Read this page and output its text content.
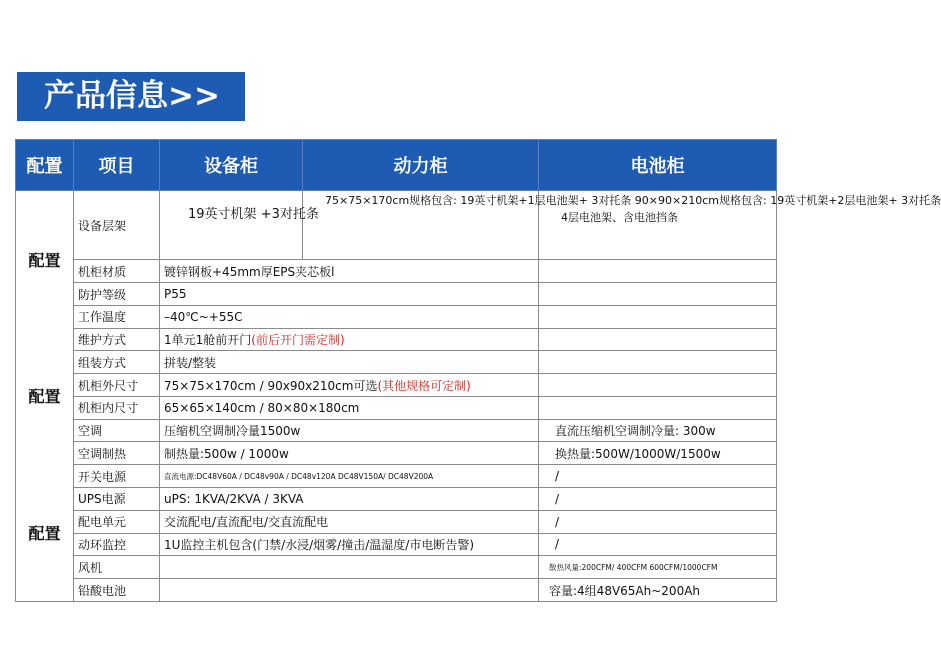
产品信息>>
配置	项目	设备柜	动力柜	电池柜

配置
配置
配置	设备层架	19英寸机架 +3对托条	75×75×170cm规格包含: 19英寸机架+1层电池架+ 3对托条 90×90×210cm规格包含: 19英寸机架+2层电池架+ 3对托条	4层电池架、含电池挡条
	机柜材质	镀锌钢板+45mm厚EPS夹芯板l		
	防护等级	P55		
	工作温度	–40℃~+55C		
	维护方式	1单元1舱前开门(前后开门需定制)		
	组装方式	拼装/整装		
	机柜外尺寸	75×75×170cm / 90x90x210cm可选(其他规格可定制)		
	机柜内尺寸	65×65×140cm / 80×80×180cm		
	空调	压缩机空调制冷量1500w		直流压缩机空调制冷量: 300w
	空调制热	制热量:500w / 1000w		换热量:500W/1000W/1500w
	开关电源	直流电源:DC48V60A / DC48v90A / DC48v120A DC48V150A/ DC48V200A		/
	UPS电源	uPS: 1KVA/2KVA / 3KVA		/
	配电单元	交流配电/直流配电/交直流配电		/
	动环监控	1U监控主机包含(门禁/水浸/烟雾/撞击/温湿度/市电断告警)		/
	风机			散热风量:200CFM/ 400CFM 600CFM/1000CFM
	铅酸电池			容量:4组48V65Ah~200Ah
